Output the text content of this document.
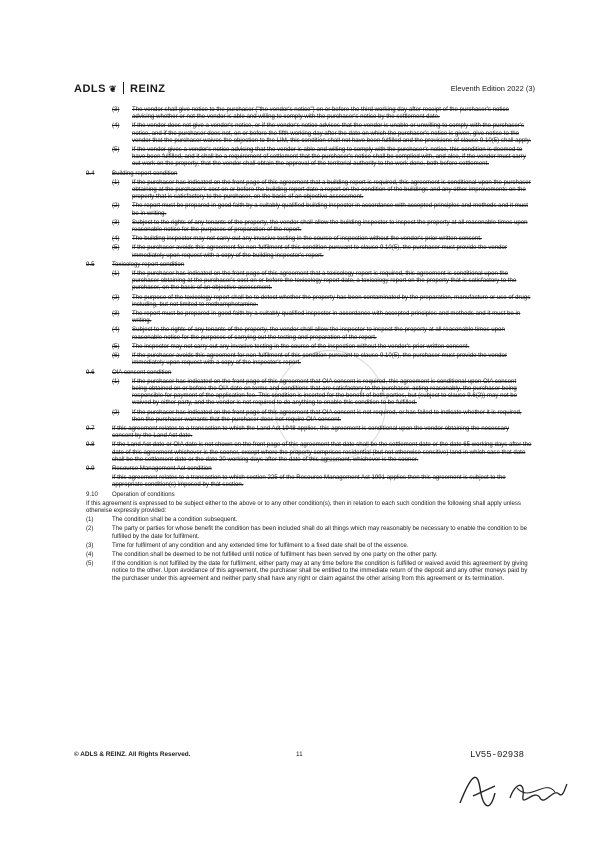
ADLS ❦ REINZ	Eleventh Edition 2022 (3)
(3)	The vendor shall give notice to the purchaser ("the vendor's notice") on or before the third working day after receipt of the purchaser's notice advising whether or not the vendor is able and willing to comply with the purchaser's notice by the settlement date.
(4)	If the vendor does not give a vendor's notice, or if the vendor's notice advises that the vendor is unable or unwilling to comply with the purchaser's notice, and if the purchaser does not, on or before the fifth working day after the date on which the purchaser's notice is given, give notice to the vendor that the purchaser waives the objection to the LIM, this condition shall not have been fulfilled and the provisions of clause 9.10(5) shall apply.
(5)	If the vendor gives a vendor's notice advising that the vendor is able and willing to comply with the purchaser's notice, this condition is deemed to have been fulfilled, and it shall be a requirement of settlement that the purchaser's notice shall be complied with, and also, if the vendor must carry out work on the property, that the vendor shall obtain the approval of the territorial authority to the work done, both before settlement.
9.4	Building report condition
(1)	If the purchaser has indicated on the front page of this agreement that a building report is required, this agreement is conditional upon the purchaser obtaining at the purchaser's cost on or before the building report date a report on the condition of the buildings and any other improvements on the property that is satisfactory to the purchaser, on the basis of an objective assessment.
(2)	The report must be prepared in good faith by a suitably qualified building inspector in accordance with accepted principles and methods and it must be in writing.
(3)	Subject to the rights of any tenants of the property, the vendor shall allow the building inspector to inspect the property at all reasonable times upon reasonable notice for the purposes of preparation of the report.
(4)	The building inspector may not carry out any invasive testing in the course of inspection without the vendor's prior written consent.
(5)	If the purchaser avoids this agreement for non-fulfilment of this condition pursuant to clause 9.10(5), the purchaser must provide the vendor immediately upon request with a copy of the building inspector's report.
9.5	Toxicology report condition
(1)	If the purchaser has indicated on the front page of this agreement that a toxicology report is required, this agreement is conditional upon the purchaser obtaining at the purchaser's cost on or before the toxicology report date, a toxicology report on the property that is satisfactory to the purchaser, on the basis of an objective assessment.
(2)	The purpose of the toxicology report shall be to detect whether the property has been contaminated by the preparation, manufacture or use of drugs including, but not limited to methamphetamine.
(3)	The report must be prepared in good faith by a suitably qualified inspector in accordance with accepted principles and methods and it must be in writing.
(4)	Subject to the rights of any tenants of the property, the vendor shall allow the inspector to inspect the property at all reasonable times upon reasonable notice for the purposes of carrying out the testing and preparation of the report.
(5)	The inspector may not carry out any invasive testing in the course of the inspection without the vendor's prior written consent.
(6)	If the purchaser avoids this agreement for non-fulfilment of this condition pursuant to clause 9.10(5), the purchaser must provide the vendor immediately upon request with a copy of the inspector's report.
9.6	OIA consent condition
(1)	If the purchaser has indicated on the front page of this agreement that OIA consent is required, this agreement is conditional upon OIA consent being obtained on or before the OIA date on terms and conditions that are satisfactory to the purchaser, acting reasonably, the purchaser being responsible for payment of the application fee. This condition is inserted for the benefit of both parties, but (subject to clause 9.6(2)) may not be waived by either party, and the vendor is not required to do anything to enable this condition to be fulfilled.
(2)	If the purchaser has indicated on the front page of this agreement that OIA consent is not required, or has failed to indicate whether it is required, then the purchaser warrants that the purchaser does not require OIA consent.
9.7	If this agreement relates to a transaction to which the Land Act 1948 applies, this agreement is conditional upon the vendor obtaining the necessary consent by the Land Act date.
9.8	If the Land Act date or OIA date is not shown on the front page of this agreement that date shall be the settlement date or the date 65 working days after the date of this agreement whichever is the sooner, except where the property comprises residential (but not otherwise sensitive) land in which case that date shall be the settlement date or the date 20 working days after the date of this agreement, whichever is the sooner.
9.9	Resource Management Act condition
If this agreement relates to a transaction to which section 225 of the Resource Management Act 1991 applies then this agreement is subject to the appropriate condition(s) imposed by that section.
9.10	Operation of conditions
If this agreement is expressed to be subject either to the above or to any other condition(s), then in relation to each such condition the following shall apply unless otherwise expressly provided:
(1)	The condition shall be a condition subsequent.
(2)	The party or parties for whose benefit the condition has been included shall do all things which may reasonably be necessary to enable the condition to be fulfilled by the date for fulfilment.
(3)	Time for fulfilment of any condition and any extended time for fulfilment to a fixed date shall be of the essence.
(4)	The condition shall be deemed to be not fulfilled until notice of fulfilment has been served by one party on the other party.
(5)	If the condition is not fulfilled by the date for fulfilment, either party may at any time before the condition is fulfilled or waived avoid this agreement by giving notice to the other. Upon avoidance of this agreement, the purchaser shall be entitled to the immediate return of the deposit and any other moneys paid by the purchaser under this agreement and neither party shall have any right or claim against the other arising from this agreement or its termination.
© ADLS & REINZ. All Rights Reserved.	11	LV55-02938
